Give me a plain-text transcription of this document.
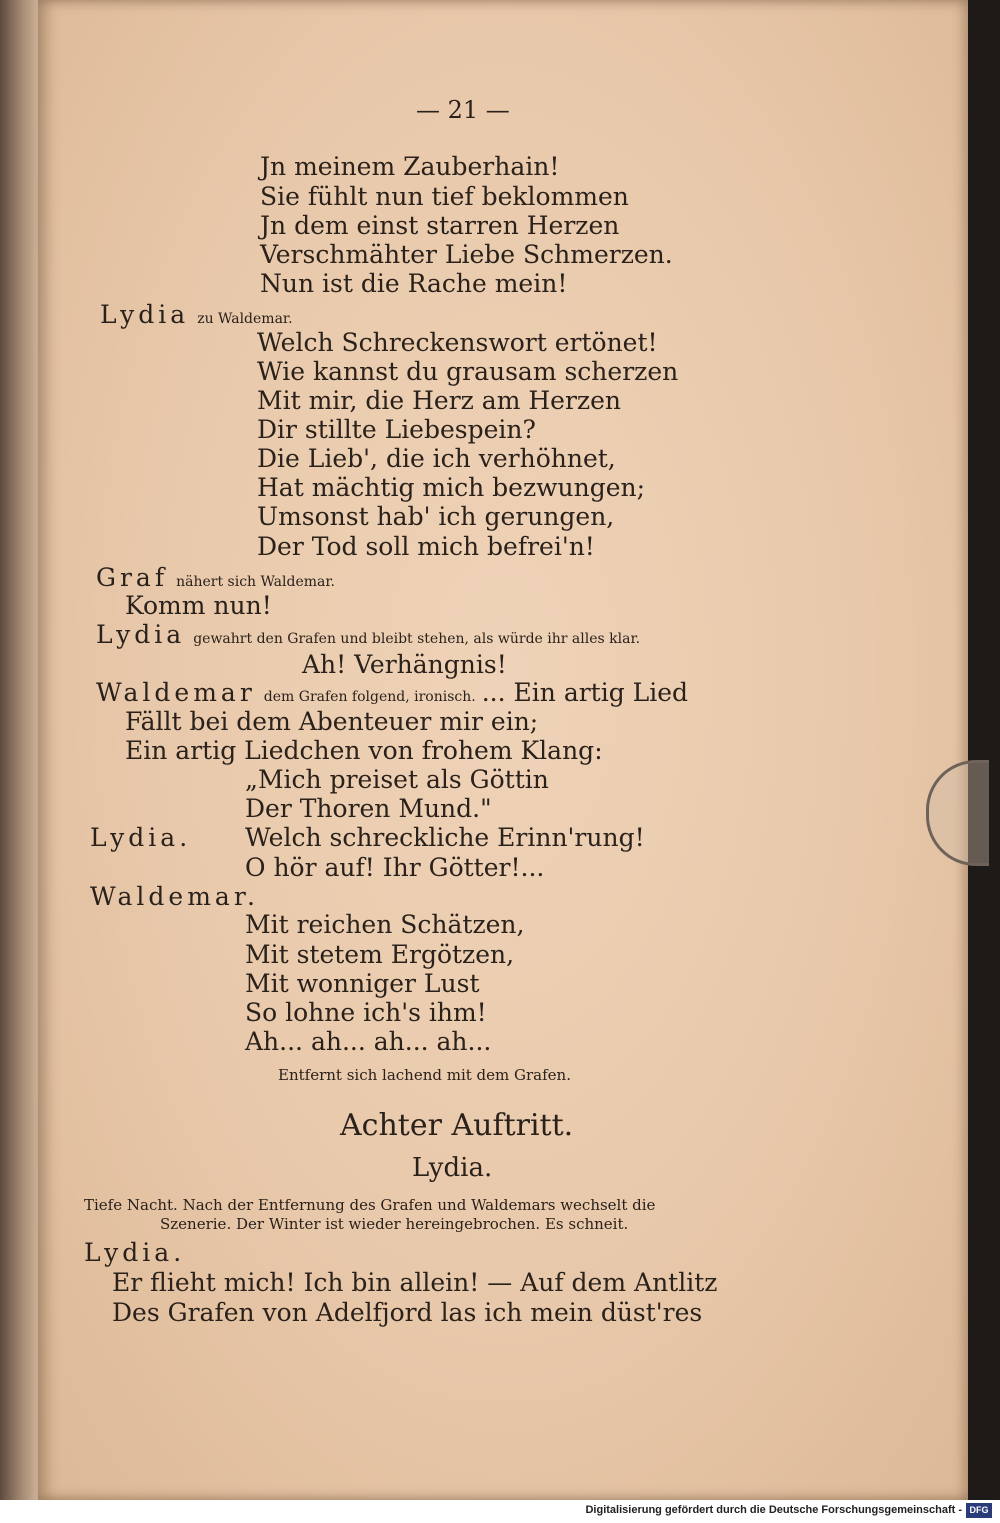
— 21 —
Jn meinem Zauberhain!
Sie fühlt nun tief beklommen
Jn dem einst starren Herzen
Verschmähter Liebe Schmerzen.
Nun ist die Rache mein!
Lydia zu Waldemar.
Welch Schreckenswort ertönet!
Wie kannst du grausam scherzen
Mit mir, die Herz am Herzen
Dir stillte Liebespein?
Die Lieb', die ich verhöhnet,
Hat mächtig mich bezwungen;
Umsonst hab' ich gerungen,
Der Tod soll mich befrei'n!
Graf nähert sich Waldemar.
Komm nun!
Lydia gewahrt den Grafen und bleibt stehen, als würde ihr alles klar.
Ah! Verhängnis!
Waldemar dem Grafen folgend, ironisch. ... Ein artig Lied
Fällt bei dem Abenteuer mir ein;
Ein artig Liedchen von frohem Klang:
„Mich preiset als Göttin
Der Thoren Mund."
Lydia. Welch schreckliche Erinn'rung!
O hör auf! Ihr Götter!...
Waldemar.
Mit reichen Schätzen,
Mit stetem Ergötzen,
Mit wonniger Lust
So lohne ich's ihm!
Ah... ah... ah... ah...
Entfernt sich lachend mit dem Grafen.
Achter Auftritt.
Lydia.
Tiefe Nacht. Nach der Entfernung des Grafen und Waldemars wechselt die
Szenerie. Der Winter ist wieder hereingebrochen. Es schneit.
Lydia.
Er flieht mich! Ich bin allein! — Auf dem Antlitz
Des Grafen von Adelfjord las ich mein düst'res
Digitalisierung gefördert durch die Deutsche Forschungsgemeinschaft - DFG
